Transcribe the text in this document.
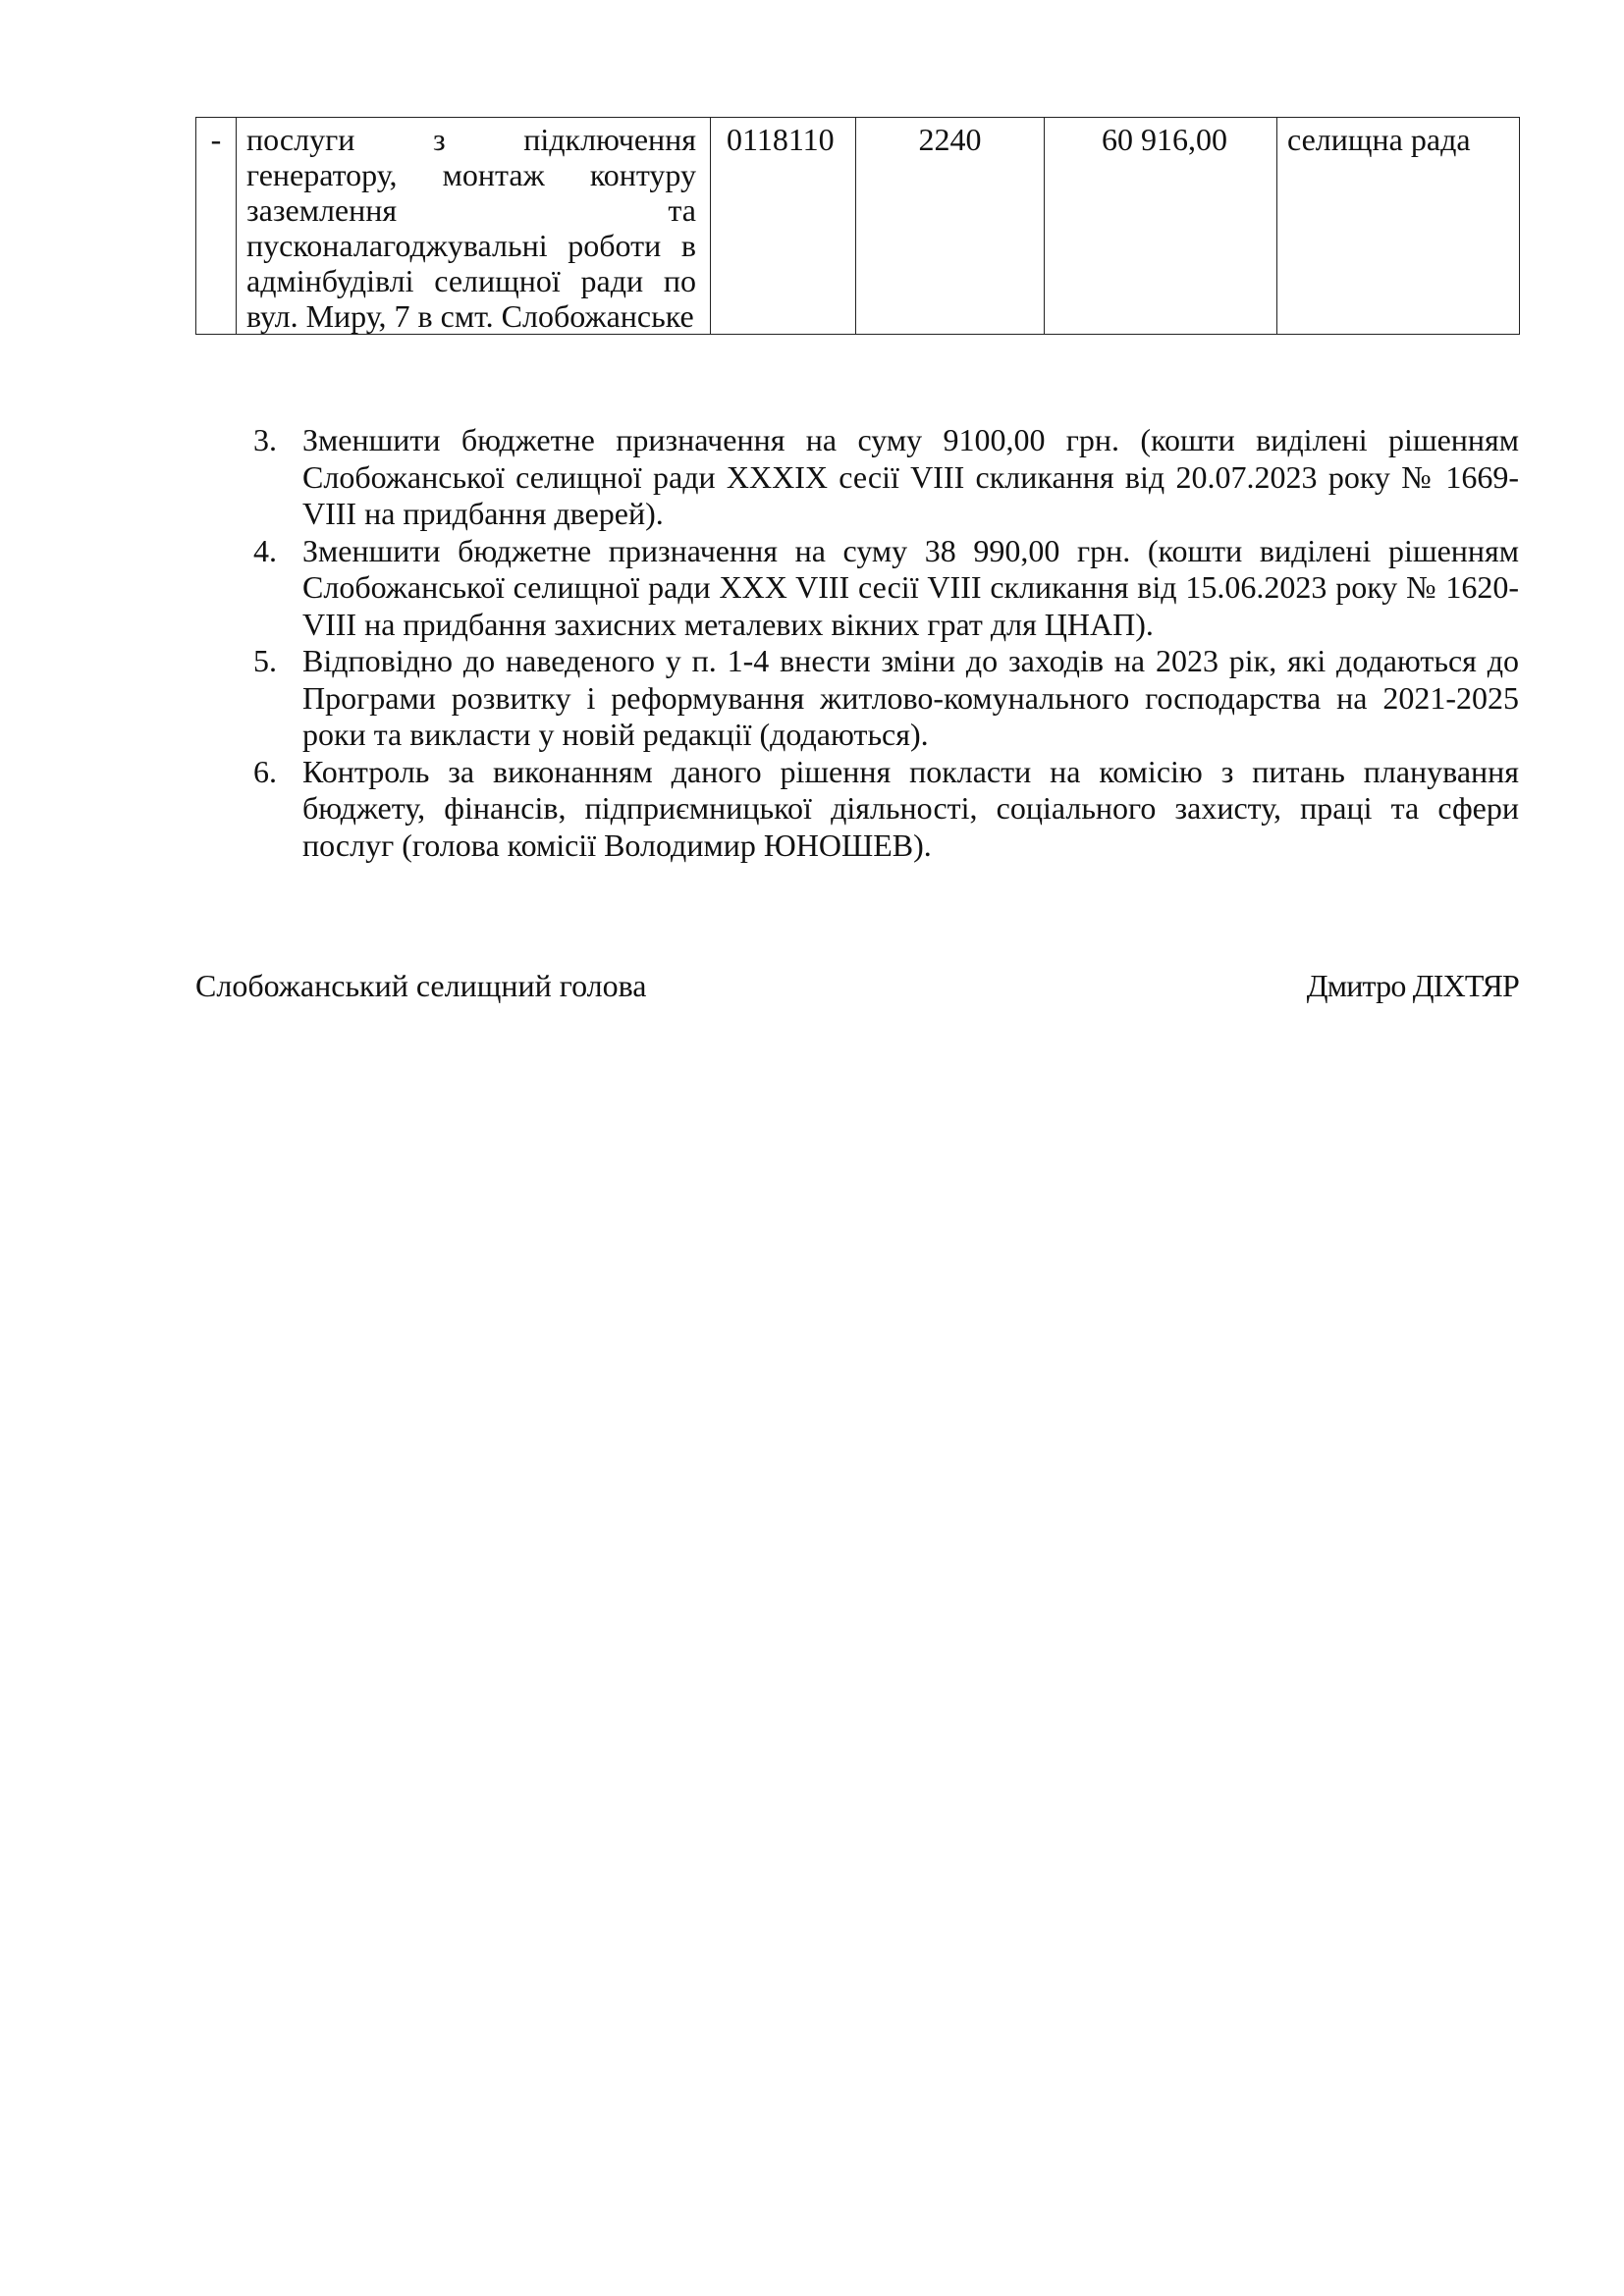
-	послуги з підключення генератору, монтаж контуру заземлення та пусконалагоджувальні роботи в адмінбудівлі селищної ради по вул. Миру, 7 в смт. Слобожанське	0118110	2240	60 916,00	селищна рада
3. Зменшити бюджетне призначення на суму 9100,00 грн. (кошти виділені рішенням Слобожанської селищної ради XXXIX сесії VIII скликання від 20.07.2023 року № 1669-VIII на придбання дверей).
4. Зменшити бюджетне призначення на суму 38 990,00 грн. (кошти виділені рішенням Слобожанської селищної ради XXX VIII сесії VIII скликання від 15.06.2023 року № 1620-VIII на придбання захисних металевих вікних грат для ЦНАП).
5. Відповідно до наведеного у п. 1-4 внести зміни до заходів на 2023 рік, які додаються до Програми розвитку і реформування житлово-комунального господарства на 2021-2025 роки та викласти у новій редакції (додаються).
6. Контроль за виконанням даного рішення покласти на комісію з питань планування бюджету, фінансів, підприємницької діяльності, соціального захисту, праці та сфери послуг (голова комісії Володимир ЮНОШЕВ).
Слобожанський селищний голова	Дмитро ДІХТЯР
